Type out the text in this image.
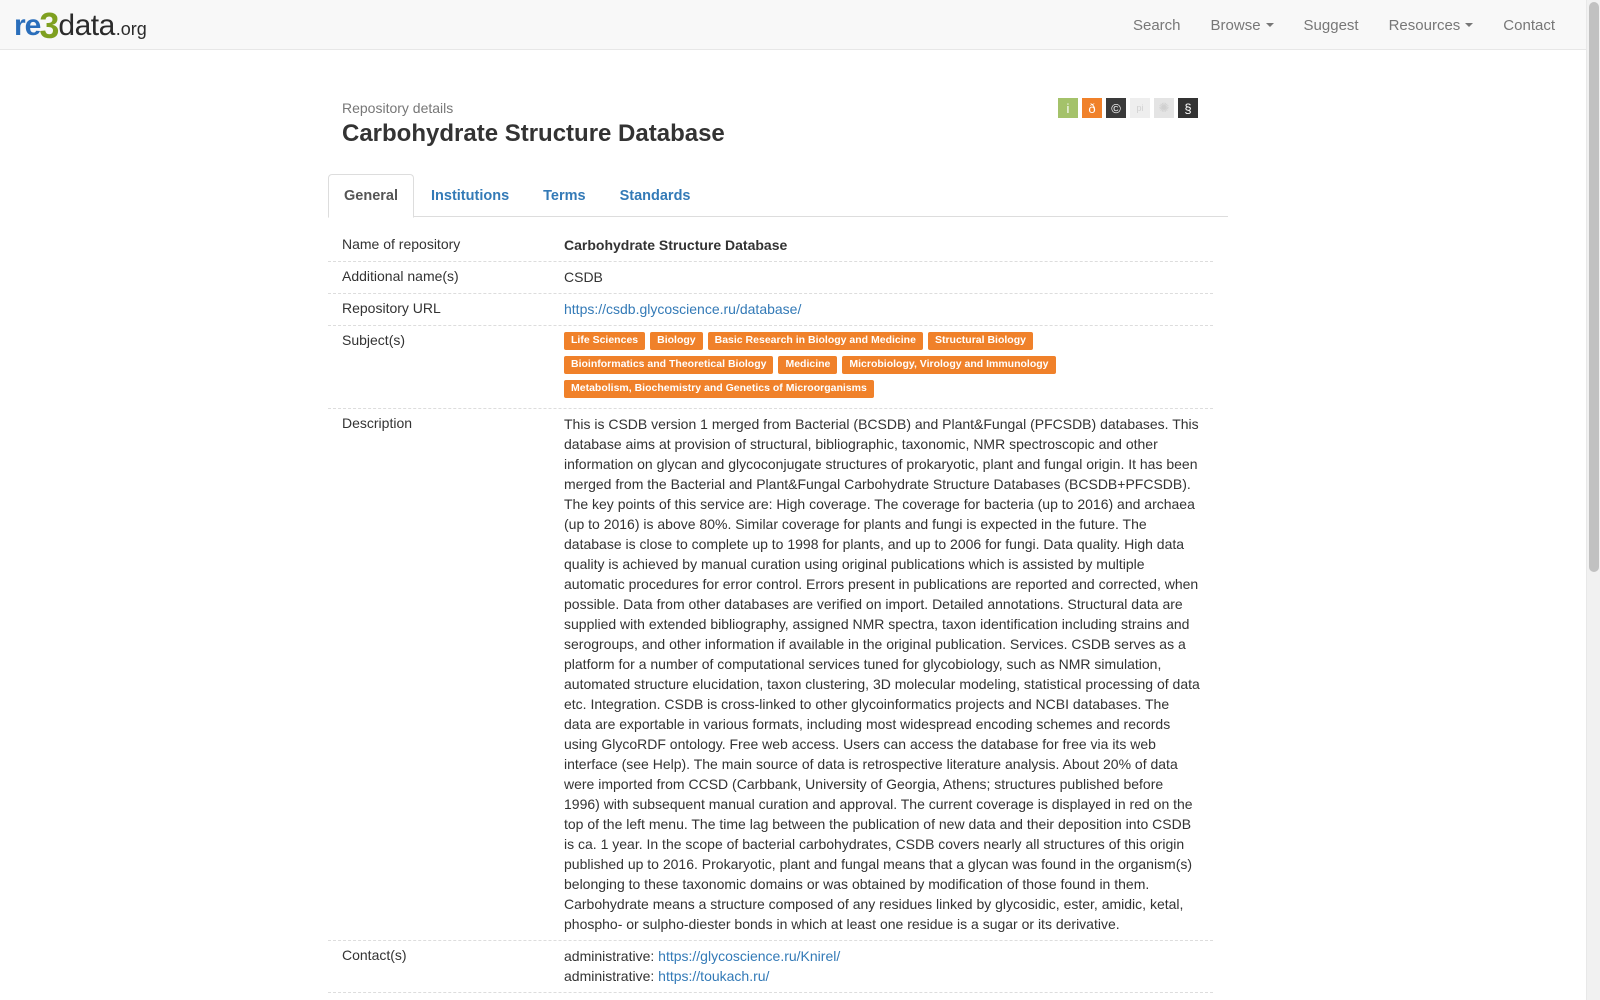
re 3 data .org	Search Browse	Suggest Resources	Contact
Repository details
Carbohydrate Structure Database
i	ð	©	pi	✺	§
General	Institutions	Terms	Standards
Name of repository	Carbohydrate Structure Database
Additional name(s)	CSDB
Repository URL	https://csdb.glycoscience.ru/database/
Subject(s)	Life Sciences	Biology	Basic Research in Biology and Medicine	Structural Biology
Bioinformatics and Theoretical Biology	Medicine	Microbiology, Virology and Immunology
Metabolism, Biochemistry and Genetics of Microorganisms
Description	This is CSDB version 1 merged from Bacterial (BCSDB) and Plant&Fungal (PFCSDB) databases. This database aims at provision of structural, bibliographic, taxonomic, NMR spectroscopic and other information on glycan and glycoconjugate structures of prokaryotic, plant and fungal origin. It has been merged from the Bacterial and Plant&Fungal Carbohydrate Structure Databases (BCSDB+PFCSDB). The key points of this service are: High coverage. The coverage for bacteria (up to 2016) and archaea (up to 2016) is above 80%. Similar coverage for plants and fungi is expected in the future. The database is close to complete up to 1998 for plants, and up to 2006 for fungi. Data quality. High data quality is achieved by manual curation using original publications which is assisted by multiple automatic procedures for error control. Errors present in publications are reported and corrected, when possible. Data from other databases are verified on import. Detailed annotations. Structural data are supplied with extended bibliography, assigned NMR spectra, taxon identification including strains and serogroups, and other information if available in the original publication. Services. CSDB serves as a platform for a number of computational services tuned for glycobiology, such as NMR simulation, automated structure elucidation, taxon clustering, 3D molecular modeling, statistical processing of data etc. Integration. CSDB is cross-linked to other glycoinformatics projects and NCBI databases. The data are exportable in various formats, including most widespread encoding schemes and records using GlycoRDF ontology. Free web access. Users can access the database for free via its web interface (see Help). The main source of data is retrospective literature analysis. About 20% of data were imported from CCSD (Carbbank, University of Georgia, Athens; structures published before 1996) with subsequent manual curation and approval. The current coverage is displayed in red on the top of the left menu. The time lag between the publication of new data and their deposition into CSDB is ca. 1 year. In the scope of bacterial carbohydrates, CSDB covers nearly all structures of this origin published up to 2016. Prokaryotic, plant and fungal means that a glycan was found in the organism(s) belonging to these taxonomic domains or was obtained by modification of those found in them. Carbohydrate means a structure composed of any residues linked by glycosidic, ester, amidic, ketal, phospho- or sulpho-diester bonds in which at least one residue is a sugar or its derivative.
Contact(s)	administrative: https://glycoscience.ru/Knirel/
administrative: https://toukach.ru/
